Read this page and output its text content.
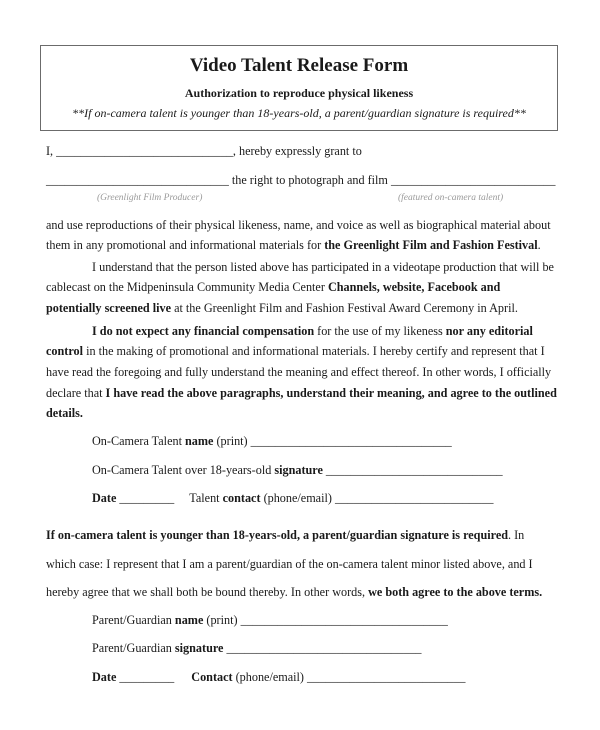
Video Talent Release Form
Authorization to reproduce physical likeness
**If on-camera talent is younger than 18-years-old, a parent/guardian signature is required**
I, _____________________________, hereby expressly grant to
______________________________ the right to photograph and film ___________________________
(Greenlight Film Producer)	(featured on-camera talent)
and use reproductions of their physical likeness, name, and voice as well as biographical material about
them in any promotional and informational materials for the Greenlight Film and Fashion Festival.
I understand that the person listed above has participated in a videotape production that will be
cablecast on the Midpeninsula Community Media Center Channels, website, Facebook and
potentially screened live at the Greenlight Film and Fashion Festival Award Ceremony in April.
I do not expect any financial compensation for the use of my likeness nor any editorial
control in the making of promotional and informational materials. I hereby certify and represent that I
have read the foregoing and fully understand the meaning and effect thereof. In other words, I officially
declare that I have read the above paragraphs, understand their meaning, and agree to the outlined
details.
On-Camera Talent name (print) _________________________________
On-Camera Talent over 18-years-old signature _____________________________
Date _________     Talent contact (phone/email) __________________________
If on-camera talent is younger than 18-years-old, a parent/guardian signature is required. In
which case: I represent that I am a parent/guardian of the on-camera talent minor listed above, and I
hereby agree that we shall both be bound thereby. In other words, we both agree to the above terms.
Parent/Guardian name (print) __________________________________
Parent/Guardian signature ________________________________
Date _________ Contact (phone/email) __________________________
